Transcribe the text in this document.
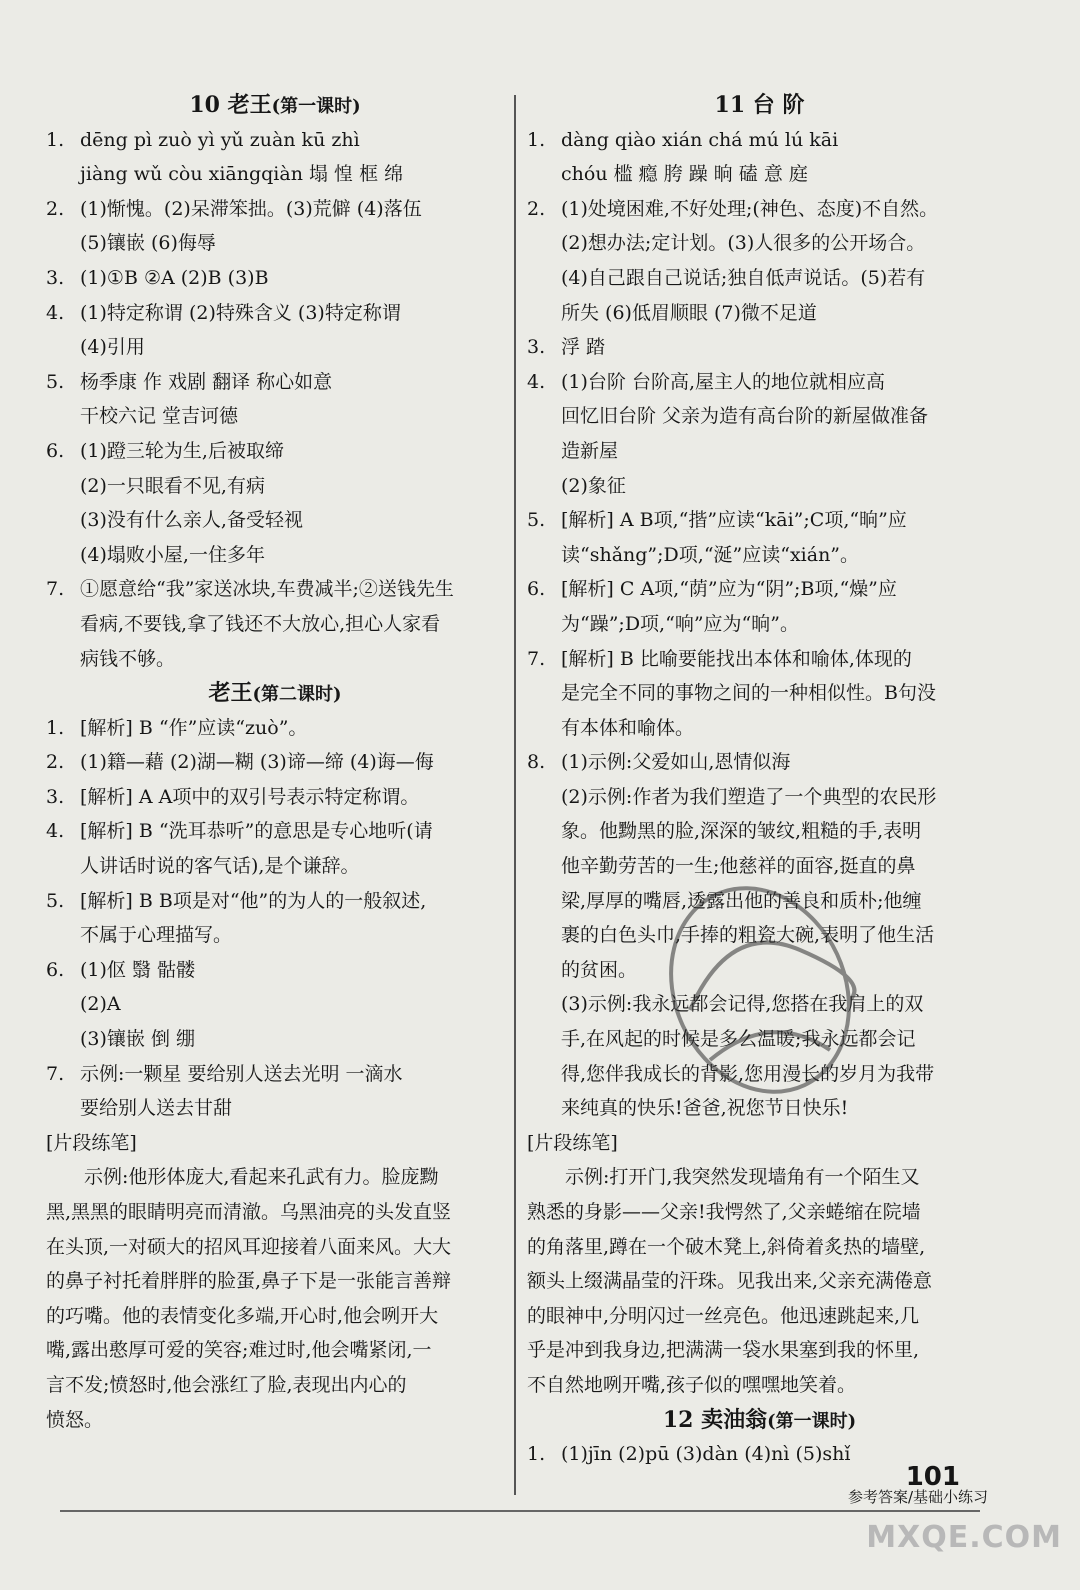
10 老王(第一课时)
1. dēng pì zuò yì yǔ zuàn kū zhì
jiàng wǔ còu xiāngqiàn 塌 惶 框 绵
2. (1)惭愧。(2)呆滞笨拙。(3)荒僻 (4)落伍
(5)镶嵌 (6)侮辱
3. (1)①B ②A (2)B (3)B
4. (1)特定称谓 (2)特殊含义 (3)特定称谓
(4)引用
5. 杨季康 作 戏剧 翻译 称心如意
干校六记 堂吉诃德
6. (1)蹬三轮为生,后被取缔
(2)一只眼看不见,有病
(3)没有什么亲人,备受轻视
(4)塌败小屋,一住多年
7. ①愿意给“我”家送冰块,车费减半;②送钱先生
看病,不要钱,拿了钱还不大放心,担心人家看
病钱不够。
老王(第二课时)
1. [解析] B “作”应读“zuò”。
2. (1)籍—藉 (2)湖—糊 (3)谛—缔 (4)诲—侮
3. [解析] A A项中的双引号表示特定称谓。
4. [解析] B “洗耳恭听”的意思是专心地听(请
人讲话时说的客气话),是个谦辞。
5. [解析] B B项是对“他”的为人的一般叙述,
不属于心理描写。
6. (1)伛 翳 骷髅
(2)A
(3)镶嵌 倒 绷
7. 示例:一颗星 要给别人送去光明 一滴水
要给别人送去甘甜
[片段练笔]
示例:他形体庞大,看起来孔武有力。脸庞黝
黑,黑黑的眼睛明亮而清澈。乌黑油亮的头发直竖
在头顶,一对硕大的招风耳迎接着八面来风。大大
的鼻子衬托着胖胖的脸蛋,鼻子下是一张能言善辩
的巧嘴。他的表情变化多端,开心时,他会咧开大
嘴,露出憨厚可爱的笑容;难过时,他会嘴紧闭,一
言不发;愤怒时,他会涨红了脸,表现出内心的
愤怒。
11 台 阶
1. dàng qiào xián chá mú lú kāi
chóu 槛 瘾 胯 躁 晌 磕 意 庭
2. (1)处境困难,不好处理;(神色、态度)不自然。
(2)想办法;定计划。(3)人很多的公开场合。
(4)自己跟自己说话;独自低声说话。(5)若有
所失 (6)低眉顺眼 (7)微不足道
3. 浮 踏
4. (1)台阶 台阶高,屋主人的地位就相应高
回忆旧台阶 父亲为造有高台阶的新屋做准备
造新屋
(2)象征
5. [解析] A B项,“揩”应读“kāi”;C项,“晌”应
读“shǎng”;D项,“涎”应读“xián”。
6. [解析] C A项,“荫”应为“阴”;B项,“燥”应
为“躁”;D项,“响”应为“晌”。
7. [解析] B 比喻要能找出本体和喻体,体现的
是完全不同的事物之间的一种相似性。B句没
有本体和喻体。
8. (1)示例:父爱如山,恩情似海
(2)示例:作者为我们塑造了一个典型的农民形
象。他黝黑的脸,深深的皱纹,粗糙的手,表明
他辛勤劳苦的一生;他慈祥的面容,挺直的鼻
梁,厚厚的嘴唇,透露出他的善良和质朴;他缠
裹的白色头巾,手捧的粗瓷大碗,表明了他生活
的贫困。
(3)示例:我永远都会记得,您搭在我肩上的双
手,在风起的时候是多么温暖;我永远都会记
得,您伴我成长的背影,您用漫长的岁月为我带
来纯真的快乐!爸爸,祝您节日快乐!
[片段练笔]
示例:打开门,我突然发现墙角有一个陌生又
熟悉的身影——父亲!我愕然了,父亲蜷缩在院墙
的角落里,蹲在一个破木凳上,斜倚着炙热的墙壁,
额头上缀满晶莹的汗珠。见我出来,父亲充满倦意
的眼神中,分明闪过一丝亮色。他迅速跳起来,几
乎是冲到我身边,把满满一袋水果塞到我的怀里,
不自然地咧开嘴,孩子似的嘿嘿地笑着。
12 卖油翁(第一课时)
1. (1)jīn (2)pū (3)dàn (4)nì (5)shǐ
101
参考答案/基础小练习
MXQE.COM
